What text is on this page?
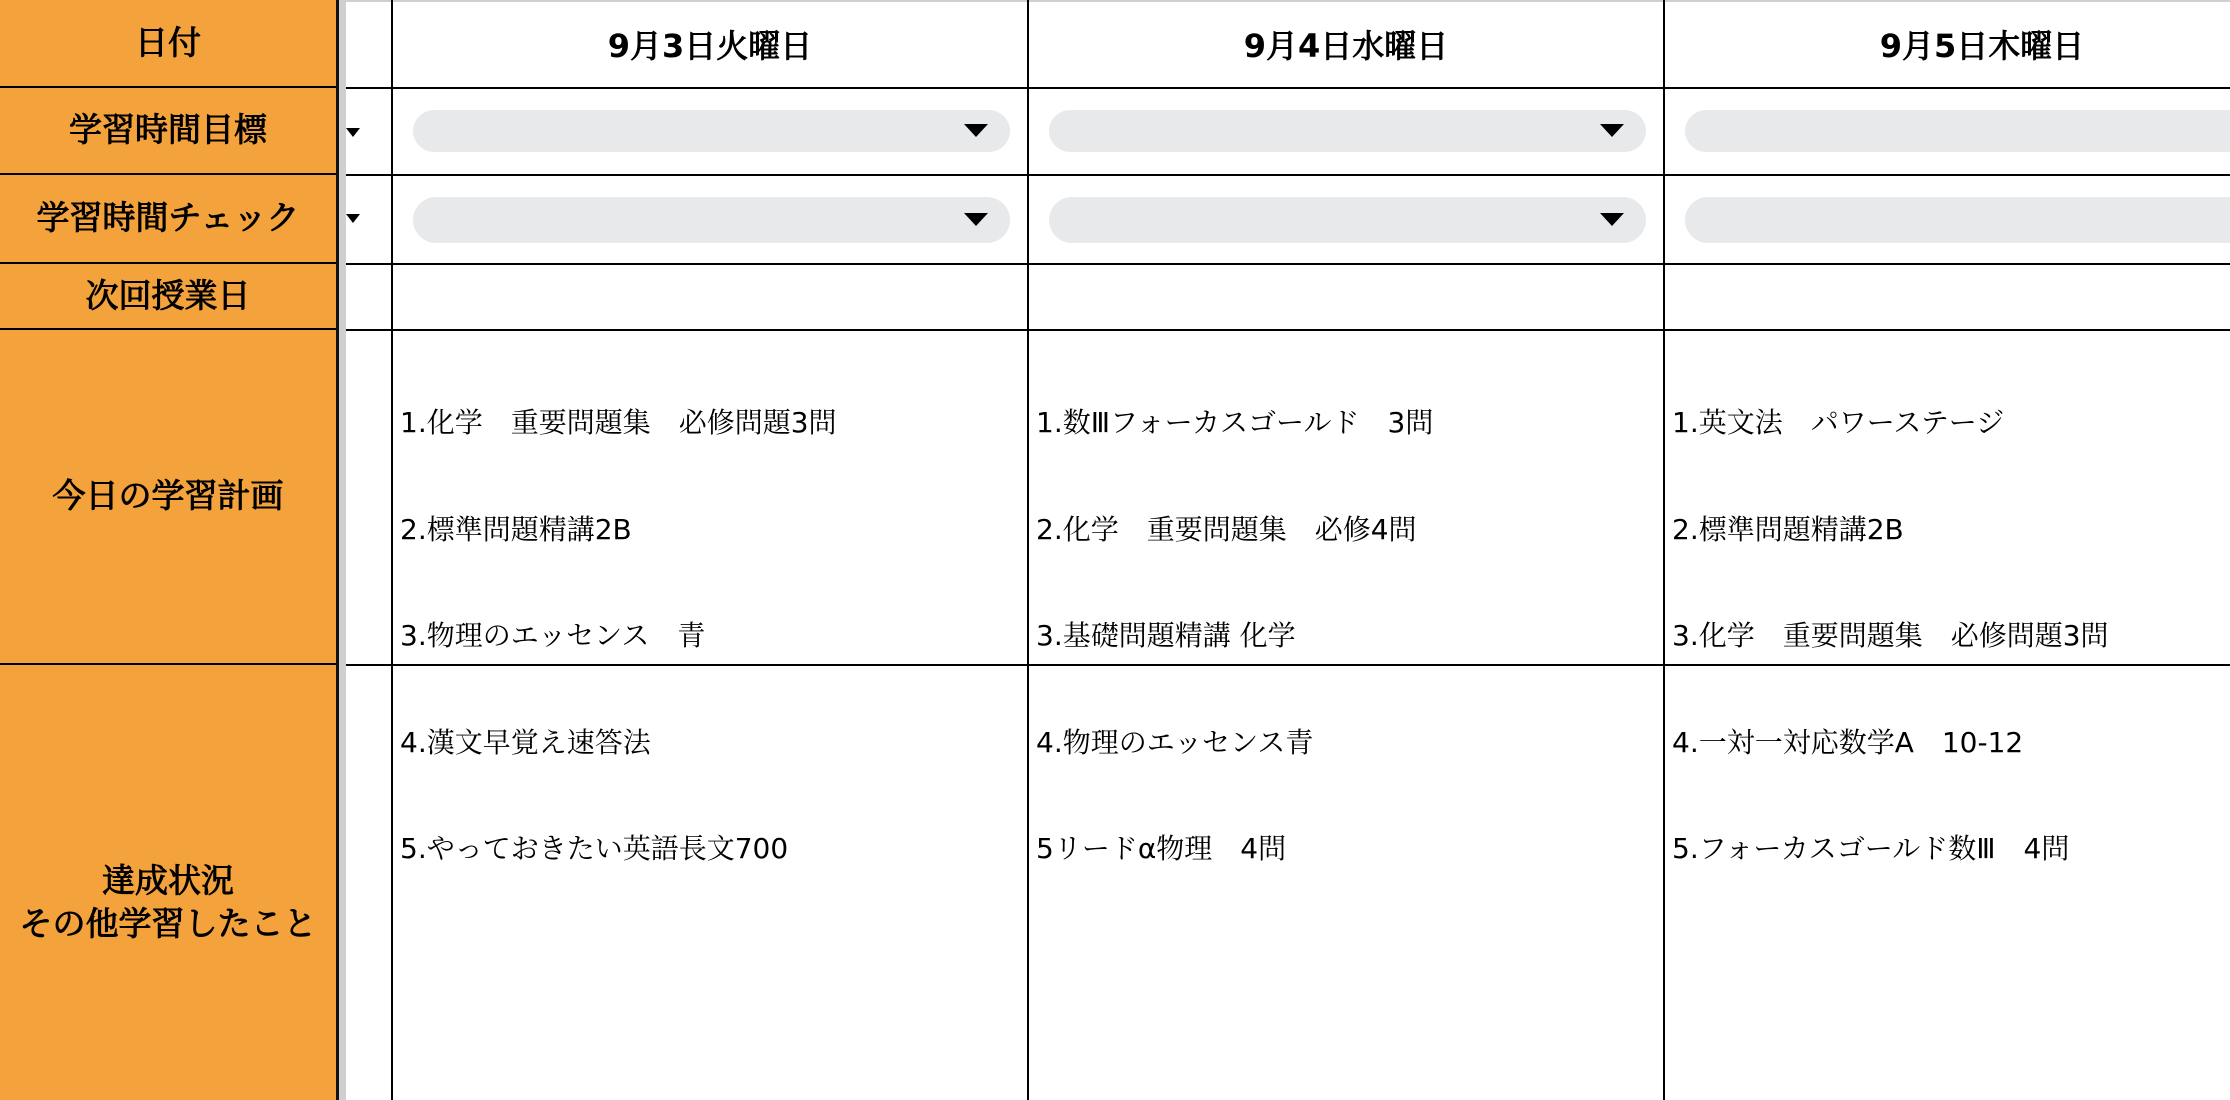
日付
学習時間目標
学習時間チェック
次回授業日
今日の学習計画
達成状況
その他学習したこと
9月3日火曜日

1.化学　重要問題集　必修問題3問

2.標準問題精講2B

3.物理のエッセンス　青

4.漢文早覚え速答法

5.やっておきたい英語長文700

9月4日水曜日

1.数Ⅲフォーカスゴールド　3問

2.化学　重要問題集　必修4問

3.基礎問題精講 化学

4.物理のエッセンス青

5リードα物理　4問

9月5日木曜日

1.英文法　パワーステージ

2.標準問題精講2B

3.化学　重要問題集　必修問題3問

4.一対一対応数学A　10-12

5.フォーカスゴールド数Ⅲ　4問
